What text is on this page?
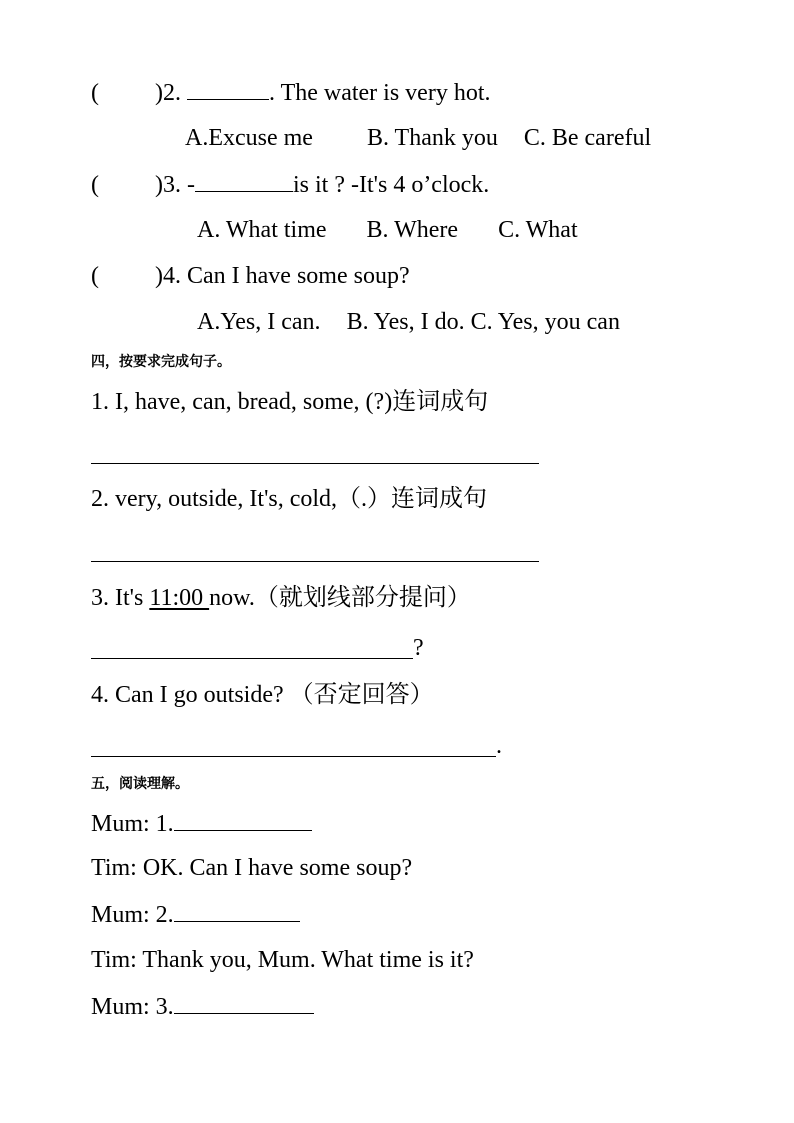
( )2.	. The water is very hot.
A.Excuse me B. Thank you C. Be careful
( )3. -	is it ? -It's 4 o’clock.
A. What time B. Where C. What
( )4. Can I have some soup?
A.Yes, I can. B. Yes, I do. C. Yes, you can
四，按要求完成句子。
1. I, have, can, bread, some, (?)连词成句
2. very, outside, It's, cold,（.）连词成句
3. It's 11:00 now.（就划线部分提问）
?
4. Can I go outside? （否定回答）
.
五，阅读理解。
Mum: 1.
Tim: OK. Can I have some soup?
Mum: 2.
Tim: Thank you, Mum. What time is it?
Mum: 3.
